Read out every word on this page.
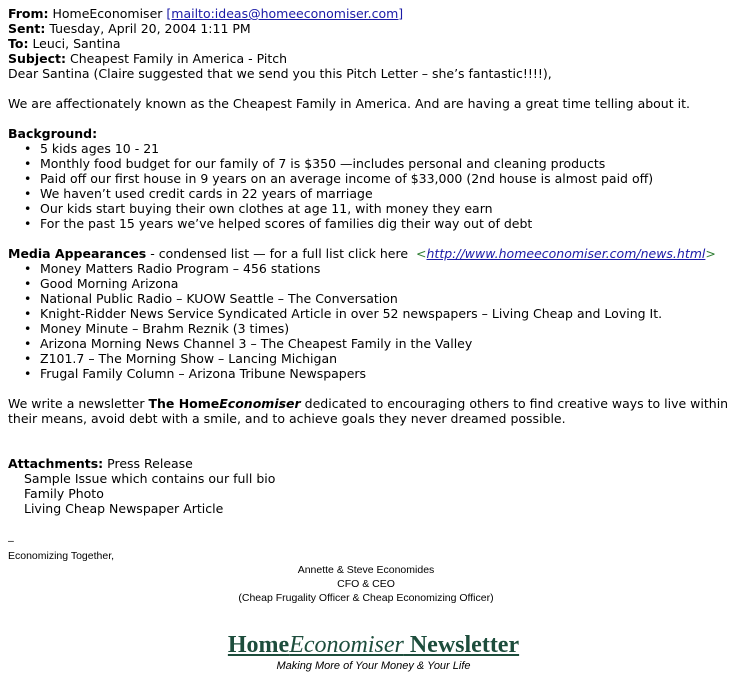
From: HomeEconomiser [mailto:ideas@homeeconomiser.com]
Sent: Tuesday, April 20, 2004 1:11 PM
To: Leuci, Santina
Subject: Cheapest Family in America - Pitch

Dear Santina (Claire suggested that we send you this Pitch Letter – she’s fantastic!!!!),

We are affectionately known as the Cheapest Family in America. And are having a great time telling about it.

Background:
• 5 kids ages 10 - 21
• Monthly food budget for our family of 7 is $350 —includes personal and cleaning products
• Paid off our first house in 9 years on an average income of $33,000 (2nd house is almost paid off)
• We haven’t used credit cards in 22 years of marriage
• Our kids start buying their own clothes at age 11, with money they earn
• For the past 15 years we’ve helped scores of families dig their way out of debt
Media Appearances - condensed list — for a full list click here  <http://www.homeeconomiser.com/news.html>
• Money Matters Radio Program – 456 stations
• Good Morning Arizona
• National Public Radio – KUOW Seattle – The Conversation
• Knight-Ridder News Service Syndicated Article in over 52 newspapers – Living Cheap and Loving It.
• Money Minute – Brahm Reznik (3 times)
• Arizona Morning News Channel 3 – The Cheapest Family in the Valley
• Z101.7 – The Morning Show – Lancing Michigan
• Frugal Family Column – Arizona Tribune Newspapers

We write a newsletter The HomeEconomiser dedicated to encouraging others to find creative ways to live within their means, avoid debt with a smile, and to achieve goals they never dreamed possible.

Attachments: Press Release
Sample Issue which contains our full bio
Family Photo
Living Cheap Newspaper Article
–
Economizing Together,
Annette & Steve Economides
CFO & CEO
(Cheap Frugality Officer & Cheap Economizing Officer)
HomeEconomiser Newsletter
Making More of Your Money & Your Life
